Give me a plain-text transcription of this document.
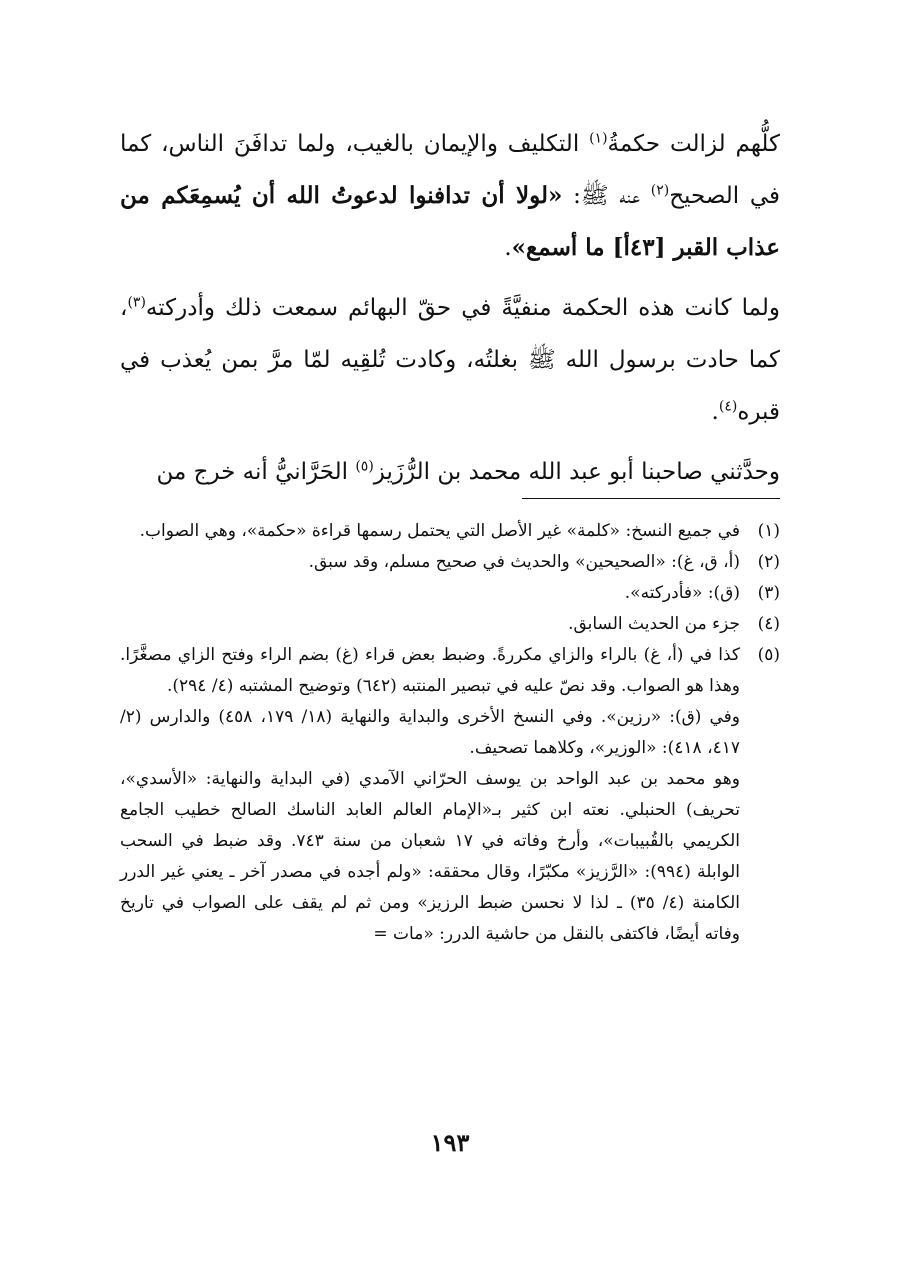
كلُّهم لزالت حكمةُ$^{(١)}$ التكليف والإيمان بالغيب، ولما تدافَنَ الناس، كما في الصحيح$^{(٢)}$ عنه ﷺ: «لولا أن تدافنوا لدعوتُ الله أن يُسمِعَكم من عذاب القبر [٤٣أ] ما أسمع».

ولما كانت هذه الحكمة منفيَّةً في حقّ البهائم سمعت ذلك وأدركته$^{(٣)}$، كما حادت برسول الله ﷺ بغلتُه، وكادت تُلقِيه لمّا مرَّ بمن يُعذب في قبره$^{(٤)}$.

وحدَّثني صاحبنا أبو عبد الله محمد بن الرُّزَيز$^{(٥)}$ الحَرَّانيُّ أنه خرج من

(١)
في جميع النسخ: «كلمة» غير الأصل التي يحتمل رسمها قراءة «حكمة»، وهي الصواب.
(٢)
(أ، ق، غ): «الصحيحين» والحديث في صحيح مسلم، وقد سبق.
(٣)
(ق): «فأدركته».
(٤)
جزء من الحديث السابق.
(٥)
كذا في (أ، غ) بالراء والزاي مكررةً. وضبط بعض قراء (غ) بضم الراء وفتح الزاي مصغَّرًا. وهذا هو الصواب. وقد نصّ عليه في تبصير المنتبه (٦٤٢) وتوضيح المشتبه (٤/ ٢٩٤).
وفي (ق): «رزين». وفي النسخ الأخرى والبداية والنهاية (١٨/ ١٧٩، ٤٥٨) والدارس (٢/ ٤١٧، ٤١٨): «الوزير»، وكلاهما تصحيف.
وهو محمد بن عبد الواحد بن يوسف الحرّاني الآمدي (في البداية والنهاية: «الأسدي»، تحريف) الحنبلي. نعته ابن كثير بـ«الإمام العالم العابد الناسك الصالح خطيب الجامع الكريمي بالقُبيبات»، وأرخ وفاته في ١٧ شعبان من سنة ٧٤٣. وقد ضبط في السحب الوابلة (٩٩٤): «الرَّزيز» مكبّرًا، وقال محققه: «ولم أجده في مصدر آخر ـ يعني غير الدرر الكامنة (٤/ ٣٥) ـ لذا لا نحسن ضبط الرزيز» ومن ثم لم يقف على الصواب في تاريخ وفاته أيضًا، فاكتفى بالنقل من حاشية الدرر: «مات =
١٩٣
